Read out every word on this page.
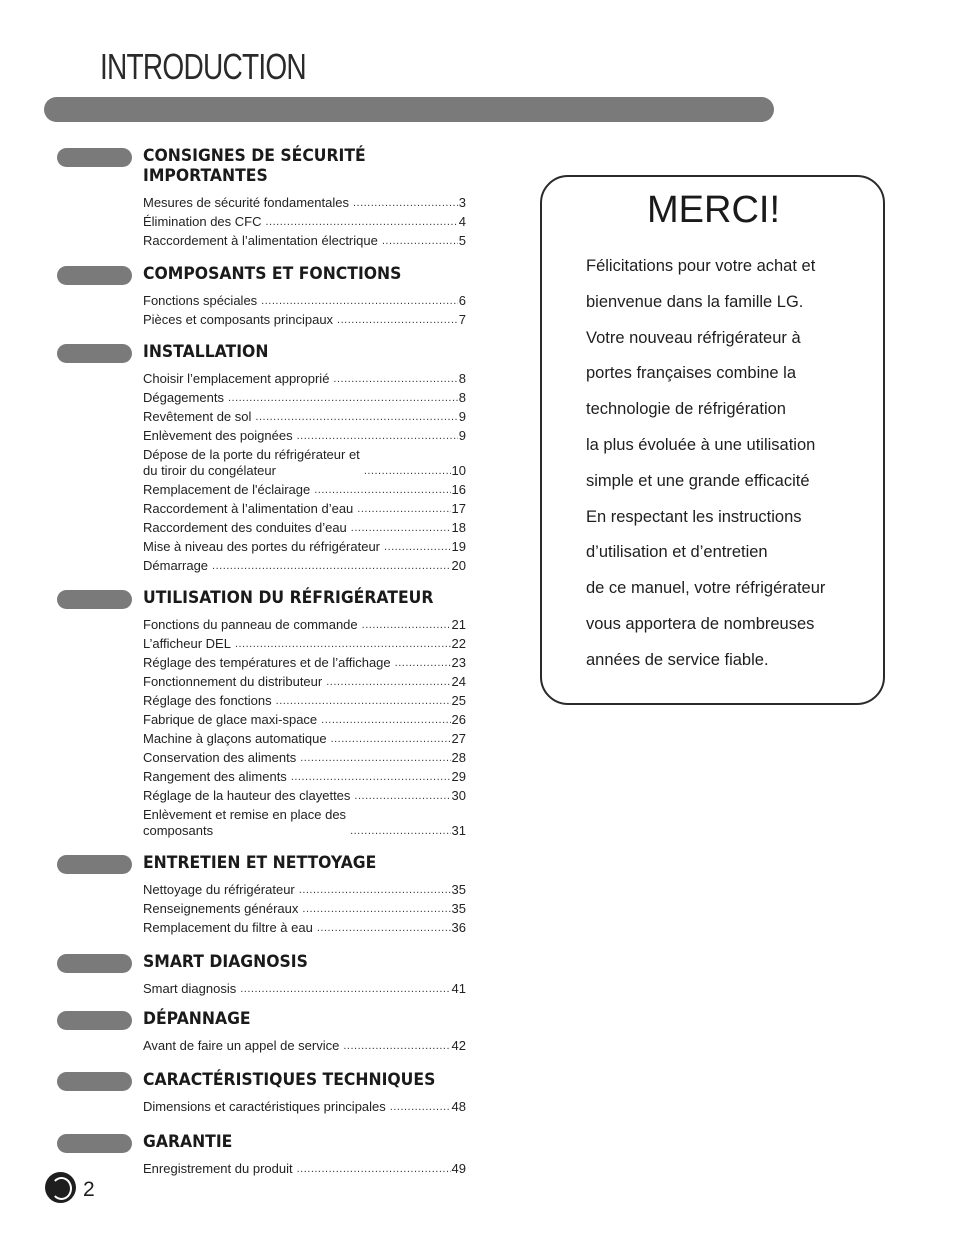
INTRODUCTION
CONSIGNES DE SÉCURITÉ IMPORTANTES
Mesures de sécurité fondamentales .....	3
Élimination des CFC .....	4
Raccordement à l’alimentation électrique .....	5
COMPOSANTS ET FONCTIONS
Fonctions spéciales .....	6
Pièces et composants principaux .....	7
INSTALLATION
Choisir l’emplacement approprié .....	8
Dégagements .....	8
Revêtement de sol .....	9
Enlèvement des poignées .....	9
Dépose de la porte du réfrigérateur et
du tiroir du congélateur .....	10
Remplacement de l'éclairage .....	16
Raccordement à l’alimentation d’eau .....	17
Raccordement des conduites d’eau .....	18
Mise à niveau des portes du réfrigérateur .....	19
Démarrage .....	20
UTILISATION DU RÉFRIGÉRATEUR
Fonctions du panneau de commande .....	21
L’afficheur DEL .....	22
Réglage des températures et de l’affichage .....	23
Fonctionnement du distributeur .....	24
Réglage des fonctions .....	25
Fabrique de glace maxi-space .....	26
Machine à glaçons automatique .....	27
Conservation des aliments .....	28
Rangement des aliments .....	29
Réglage de la hauteur des clayettes .....	30
Enlèvement et remise en place des
composants .....	31
ENTRETIEN ET NETTOYAGE
Nettoyage du réfrigérateur .....	35
Renseignements généraux .....	35
Remplacement du filtre à eau .....	36
SMART DIAGNOSIS
Smart diagnosis .....	41
DÉPANNAGE
Avant de faire un appel de service .....	42
CARACTÉRISTIQUES TECHNIQUES
Dimensions et caractéristiques principales .....	48
GARANTIE
Enregistrement du produit .....	49
MERCI!
Félicitations pour votre achat et
bienvenue dans la famille LG.
Votre nouveau réfrigérateur à
portes françaises combine la
technologie de réfrigération
la plus évoluée à une utilisation
simple et une grande efficacité
En respectant les instructions
d’utilisation et d’entretien
de ce manuel, votre réfrigérateur
vous apportera de nombreuses
années de service fiable.
2
